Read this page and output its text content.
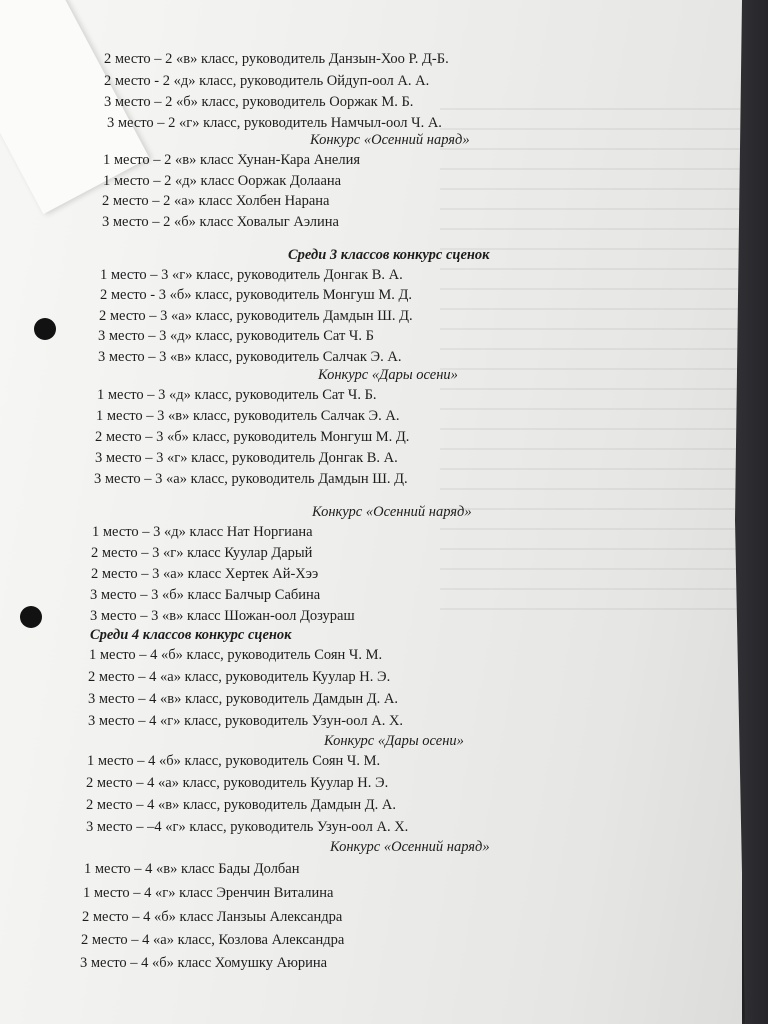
2 место – 2 «в» класс, руководитель Данзын-Хоо Р. Д-Б.
2 место - 2 «д» класс, руководитель Ойдуп-оол А. А.
3 место – 2 «б» класс, руководитель Ооржак М. Б.
3 место – 2 «г» класс, руководитель Намчыл-оол Ч. А.
Конкурс «Осенний наряд»
1 место – 2 «в» класс Хунан-Кара Анелия
1 место – 2 «д» класс Ооржак Долаана
2 место – 2 «а» класс Холбен Нарана
3 место – 2 «б» класс Ховалыг Аэлина
Среди 3 классов конкурс сценок
1 место – 3 «г» класс, руководитель Донгак В. А.
2 место - 3 «б» класс, руководитель Монгуш М. Д.
2 место – 3 «а» класс, руководитель Дамдын Ш. Д.
3 место – 3 «д» класс, руководитель Сат Ч. Б
3 место – 3 «в» класс, руководитель Салчак Э. А.
Конкурс «Дары осени»
1 место – 3 «д» класс, руководитель Сат Ч. Б.
1 место – 3 «в» класс, руководитель Салчак Э. А.
2 место – 3 «б» класс, руководитель Монгуш М. Д.
3 место – 3 «г» класс, руководитель Донгак В. А.
3 место – 3 «а» класс, руководитель Дамдын Ш. Д.
Конкурс «Осенний наряд»
1 место – 3 «д» класс Нат Норгиана
2 место – 3 «г» класс Куулар Дарый
2 место – 3 «а» класс Хертек Ай-Хээ
3 место – 3 «б» класс Балчыр Сабина
3 место – 3 «в» класс Шожан-оол Дозураш
Среди 4 классов конкурс сценок
1 место – 4 «б» класс, руководитель Соян Ч. М.
2 место – 4 «а» класс, руководитель Куулар Н. Э.
3 место – 4 «в» класс, руководитель Дамдын Д. А.
3 место – 4 «г» класс, руководитель Узун-оол А. Х.
Конкурс «Дары осени»
1 место – 4 «б» класс, руководитель Соян Ч. М.
2 место – 4 «а» класс, руководитель Куулар Н. Э.
2 место – 4 «в» класс, руководитель Дамдын Д. А.
3 место – –4 «г» класс, руководитель Узун-оол А. Х.
Конкурс «Осенний наряд»
1 место – 4 «в» класс Бады Долбан
1 место – 4 «г» класс Эренчин Виталина
2 место – 4 «б» класс Ланзыы Александра
2 место – 4 «а» класс, Козлова Александра
3 место – 4 «б» класс Хомушку Аюрина
